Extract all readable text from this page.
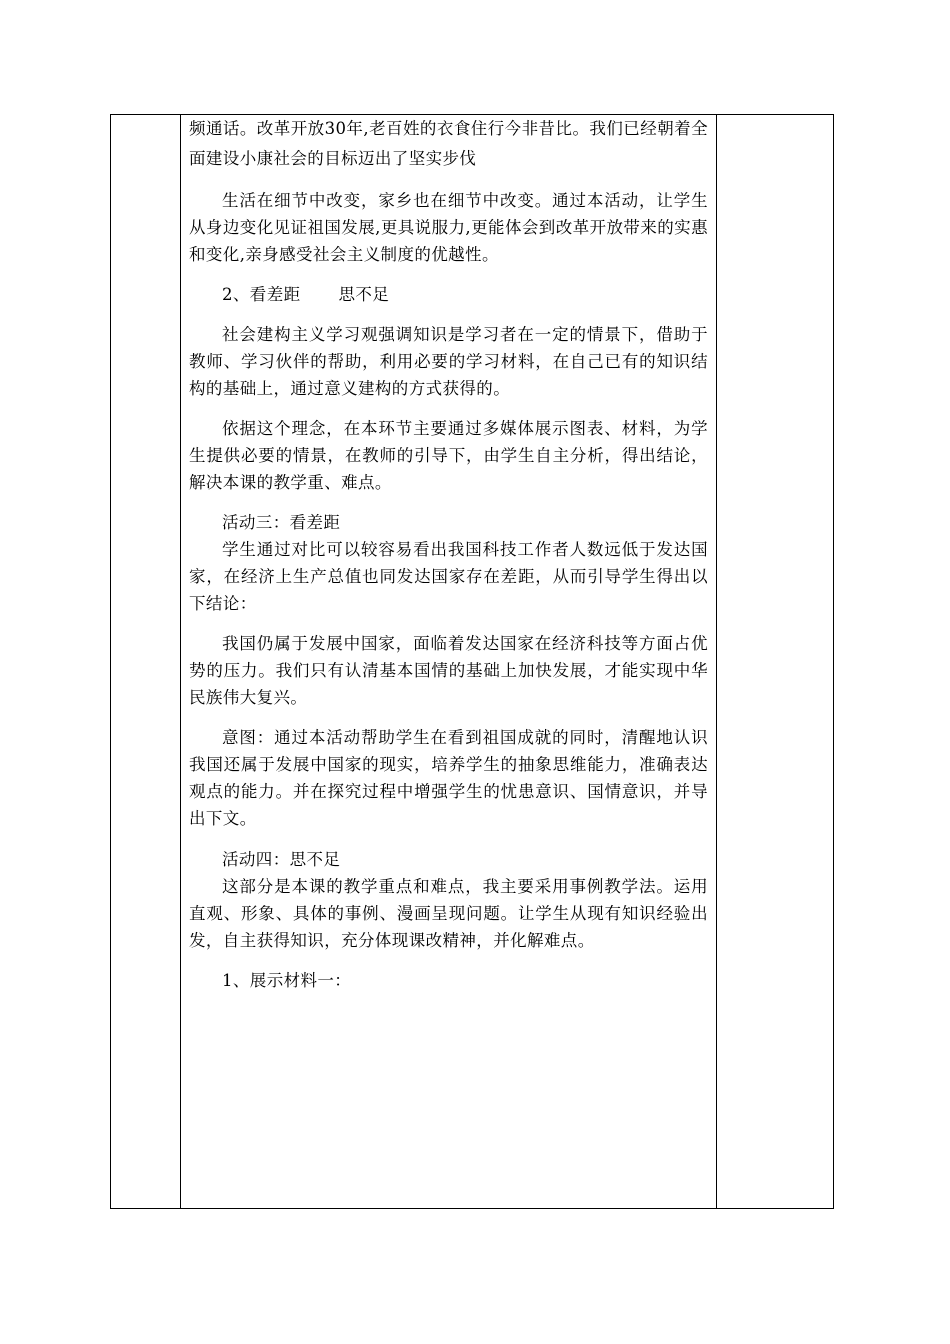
频通话。改革开放30年,老百姓的衣食住行今非昔比。我们已经朝着全面建设小康社会的目标迈出了坚实步伐

生活在细节中改变，家乡也在细节中改变。通过本活动，让学生从身边变化见证祖国发展,更具说服力,更能体会到改革开放带来的实惠和变化,亲身感受社会主义制度的优越性。

2、看差距 思不足

社会建构主义学习观强调知识是学习者在一定的情景下，借助于教师、学习伙伴的帮助，利用必要的学习材料，在自己已有的知识结构的基础上，通过意义建构的方式获得的。

依据这个理念，在本环节主要通过多媒体展示图表、材料，为学生提供必要的情景，在教师的引导下，由学生自主分析，得出结论，解决本课的教学重、难点。

活动三：看差距

学生通过对比可以较容易看出我国科技工作者人数远低于发达国家，在经济上生产总值也同发达国家存在差距，从而引导学生得出以下结论：

我国仍属于发展中国家，面临着发达国家在经济科技等方面占优势的压力。我们只有认清基本国情的基础上加快发展，才能实现中华民族伟大复兴。

意图：通过本活动帮助学生在看到祖国成就的同时，清醒地认识我国还属于发展中国家的现实，培养学生的抽象思维能力，准确表达观点的能力。并在探究过程中增强学生的忧患意识、国情意识，并导出下文。

活动四：思不足

这部分是本课的教学重点和难点，我主要采用事例教学法。运用直观、形象、具体的事例、漫画呈现问题。让学生从现有知识经验出发，自主获得知识，充分体现课改精神，并化解难点。

1、展示材料一：
